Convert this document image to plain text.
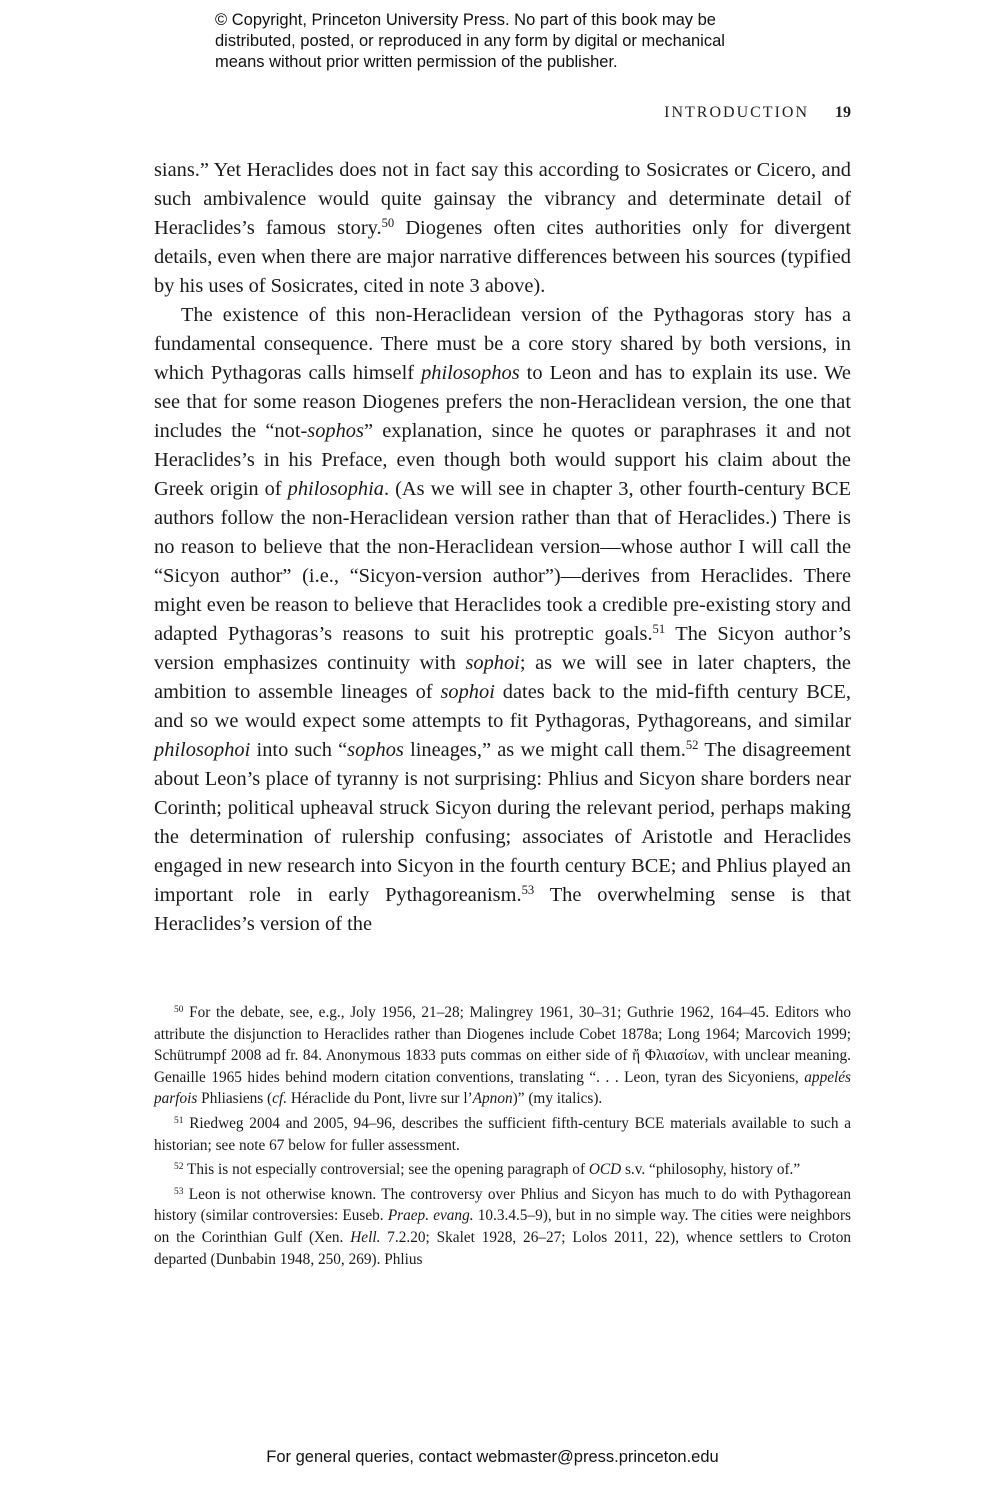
© Copyright, Princeton University Press. No part of this book may be
distributed, posted, or reproduced in any form by digital or mechanical
means without prior written permission of the publisher.
INTRODUCTION 19

sians.” Yet Heraclides does not in fact say this according to Sosicrates or Cicero, and such ambivalence would quite gainsay the vibrancy and determinate detail of Heraclides’s famous story.$^{50}$ Diogenes often cites authorities only for divergent details, even when there are major narrative differences between his sources (typified by his uses of Sosicrates, cited in note 3 above).

The existence of this non-Heraclidean version of the Pythagoras story has a fundamental consequence. There must be a core story shared by both versions, in which Pythagoras calls himself philosophos to Leon and has to explain its use. We see that for some reason Diogenes prefers the non-Heraclidean version, the one that includes the “not-sophos” explanation, since he quotes or paraphrases it and not Heraclides’s in his Preface, even though both would support his claim about the Greek origin of philosophia. (As we will see in chapter 3, other fourth-century BCE authors follow the non-Heraclidean version rather than that of Heraclides.) There is no reason to believe that the non-Heraclidean version—whose author I will call the “Sicyon author” (i.e., “Sicyon-version author”)—derives from Heraclides. There might even be reason to believe that Heraclides took a credible pre-existing story and adapted Pythagoras’s reasons to suit his protreptic goals.$^{51}$ The Sicyon author’s version emphasizes continuity with sophoi; as we will see in later chapters, the ambition to assemble lineages of sophoi dates back to the mid-fifth century BCE, and so we would expect some attempts to fit Pythagoras, Pythagoreans, and similar philosophoi into such “sophos lineages,” as we might call them.$^{52}$ The disagreement about Leon’s place of tyranny is not surprising: Phlius and Sicyon share borders near Corinth; political upheaval struck Sicyon during the relevant period, perhaps making the determination of rulership confusing; associates of Aristotle and Heraclides engaged in new research into Sicyon in the fourth century BCE; and Phlius played an important role in early Pythagoreanism.$^{53}$ The overwhelming sense is that Heraclides’s version of the

$^{50}$ For the debate, see, e.g., Joly 1956, 21–28; Malingrey 1961, 30–31; Guthrie 1962, 164–45. Editors who attribute the disjunction to Heraclides rather than Diogenes include Cobet 1878a; Long 1964; Marcovich 1999; Schütrumpf 2008 ad fr. 84. Anonymous 1833 puts commas on either side of ἤ Φλιασίων, with unclear meaning. Genaille 1965 hides behind modern citation conventions, translating “. . . Leon, tyran des Sicyoniens, appelés parfois Phliasiens (cf. Héraclide du Pont, livre sur l’Apnon)” (my italics).

$^{51}$ Riedweg 2004 and 2005, 94–96, describes the sufficient fifth-century BCE materials available to such a historian; see note 67 below for fuller assessment.

$^{52}$ This is not especially controversial; see the opening paragraph of OCD s.v. “philosophy, history of.”

$^{53}$ Leon is not otherwise known. The controversy over Phlius and Sicyon has much to do with Pythagorean history (similar controversies: Euseb. Praep. evang. 10.3.4.5–9), but in no simple way. The cities were neighbors on the Corinthian Gulf (Xen. Hell. 7.2.20; Skalet 1928, 26–27; Lolos 2011, 22), whence settlers to Croton departed (Dunbabin 1948, 250, 269). Phlius

For general queries, contact webmaster@press.princeton.edu
